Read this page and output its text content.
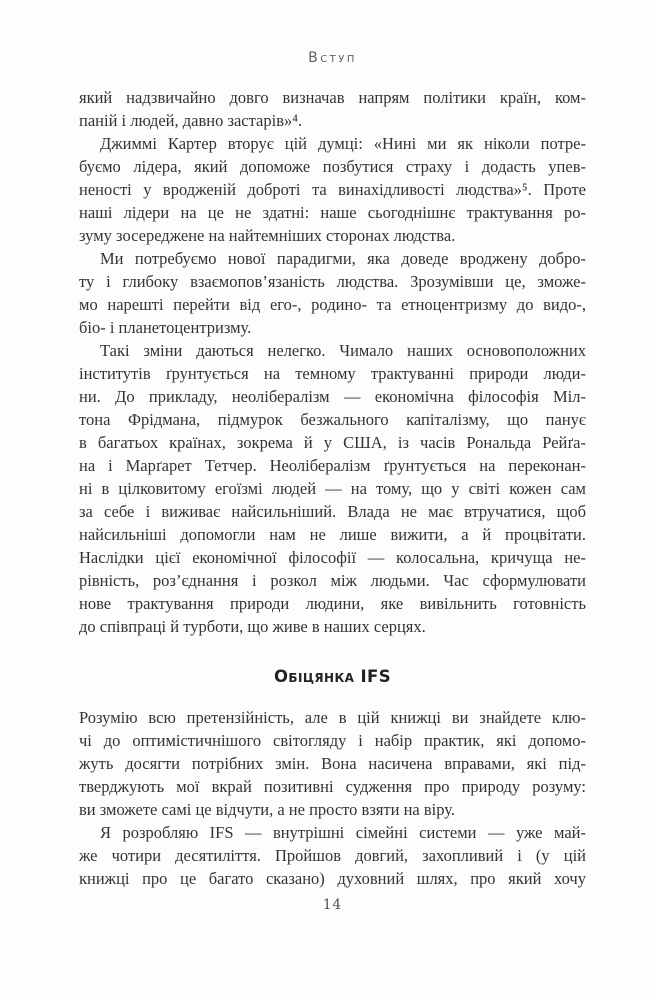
Вступ
який надзвичайно довго визначав напрям політики країн, ком-
паній і людей, давно застарів»⁴.
Джиммі Картер вторує цій думці: «Нині ми як ніколи потре-
буємо лідера, який допоможе позбутися страху і додасть упев-
неності у вродженій доброті та винахідливості людства»⁵. Проте
наші лідери на це не здатні: наше сьогоднішнє трактування ро-
зуму зосереджене на найтемніших сторонах людства.
Ми потребуємо нової парадигми, яка доведе вроджену добро-
ту і глибоку взаємопов’язаність людства. Зрозумівши це, зможе-
мо нарешті перейти від его-, родино- та етноцентризму до видо-,
біо- і планетоцентризму.
Такі зміни даються нелегко. Чимало наших основоположних
інститутів ґрунтується на темному трактуванні природи люди-
ни. До прикладу, неолібералізм — економічна філософія Міл-
тона Фрідмана, підмурок безжального капіталізму, що панує
в багатьох країнах, зокрема й у США, із часів Рональда Рейґа-
на і Марґарет Тетчер. Неолібералізм ґрунтується на переконан-
ні в цілковитому егоїзмі людей — на тому, що у світі кожен сам
за себе і виживає найсильніший. Влада не має втручатися, щоб
найсильніші допомогли нам не лише вижити, а й процвітати.
Наслідки цієї економічної філософії — колосальна, кричуща не-
рівність, роз’єднання і розкол між людьми. Час сформулювати
нове трактування природи людини, яке вивільнить готовність
до співпраці й турботи, що живе в наших серцях.
Обіцянка IFS
Розумію всю претензійність, але в цій книжці ви знайдете клю-
чі до оптимістичнішого світогляду і набір практик, які допомо-
жуть досягти потрібних змін. Вона насичена вправами, які під-
тверджують мої вкрай позитивні судження про природу розуму:
ви зможете самі це відчути, а не просто взяти на віру.
Я розробляю IFS — внутрішні сімейні системи — уже май-
же чотири десятиліття. Пройшов довгий, захопливий і (у цій
книжці про це багато сказано) духовний шлях, про який хочу
14
